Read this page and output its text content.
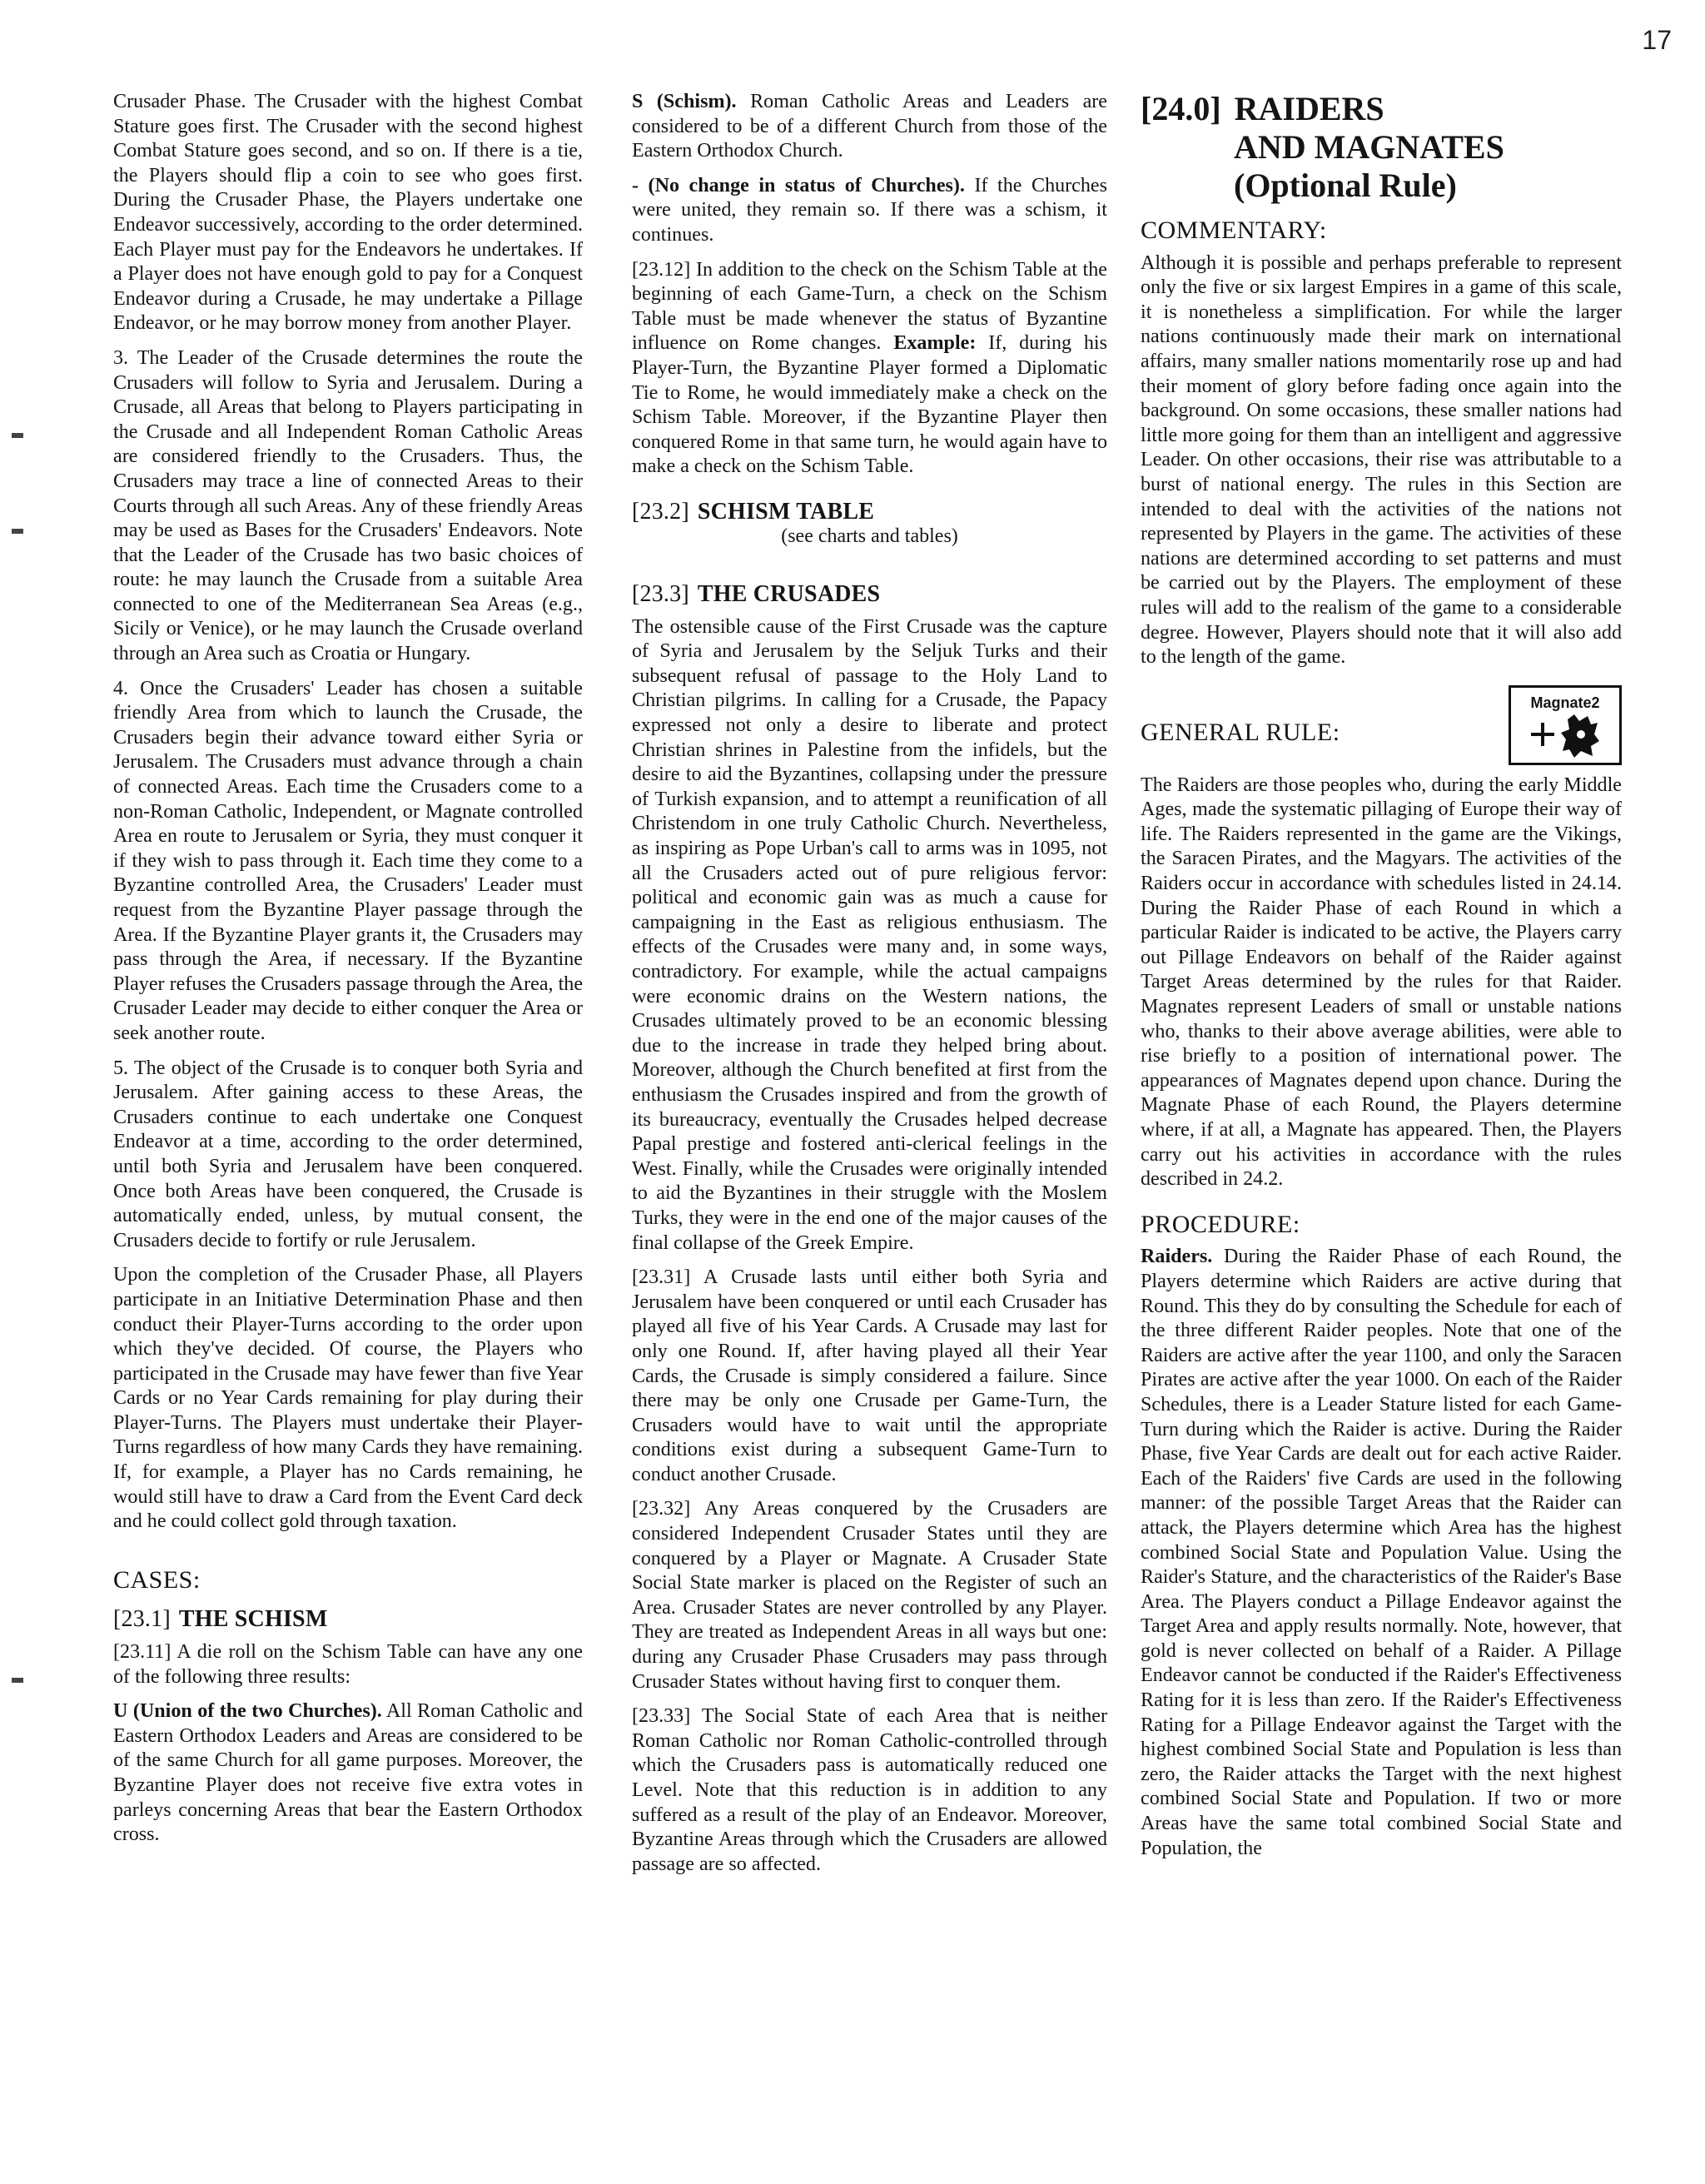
17

Crusader Phase. The Crusader with the highest Combat Stature goes first. The Crusader with the second highest Combat Stature goes second, and so on. If there is a tie, the Players should flip a coin to see who goes first. During the Crusader Phase, the Players undertake one Endeavor successively, according to the order determined. Each Player must pay for the Endeavors he undertakes. If a Player does not have enough gold to pay for a Conquest Endeavor during a Crusade, he may undertake a Pillage Endeavor, or he may borrow money from another Player.

3. The Leader of the Crusade determines the route the Crusaders will follow to Syria and Jerusalem. During a Crusade, all Areas that belong to Players participating in the Crusade and all Independent Roman Catholic Areas are considered friendly to the Crusaders. Thus, the Crusaders may trace a line of connected Areas to their Courts through all such Areas. Any of these friendly Areas may be used as Bases for the Crusaders' Endeavors. Note that the Leader of the Crusade has two basic choices of route: he may launch the Crusade from a suitable Area connected to one of the Mediterranean Sea Areas (e.g., Sicily or Venice), or he may launch the Crusade overland through an Area such as Croatia or Hungary.

4. Once the Crusaders' Leader has chosen a suitable friendly Area from which to launch the Crusade, the Crusaders begin their advance toward either Syria or Jerusalem. The Crusaders must advance through a chain of connected Areas. Each time the Crusaders come to a non-Roman Catholic, Independent, or Magnate controlled Area en route to Jerusalem or Syria, they must conquer it if they wish to pass through it. Each time they come to a Byzantine controlled Area, the Crusaders' Leader must request from the Byzantine Player passage through the Area. If the Byzantine Player grants it, the Crusaders may pass through the Area, if necessary. If the Byzantine Player refuses the Crusaders passage through the Area, the Crusader Leader may decide to either conquer the Area or seek another route.

5. The object of the Crusade is to conquer both Syria and Jerusalem. After gaining access to these Areas, the Crusaders continue to each undertake one Conquest Endeavor at a time, according to the order determined, until both Syria and Jerusalem have been conquered. Once both Areas have been conquered, the Crusade is automatically ended, unless, by mutual consent, the Crusaders decide to fortify or rule Jerusalem.

Upon the completion of the Crusader Phase, all Players participate in an Initiative Determination Phase and then conduct their Player-Turns according to the order upon which they've decided. Of course, the Players who participated in the Crusade may have fewer than five Year Cards or no Year Cards remaining for play during their Player-Turns. The Players must undertake their Player-Turns regardless of how many Cards they have remaining. If, for example, a Player has no Cards remaining, he would still have to draw a Card from the Event Card deck and he could collect gold through taxation.

CASES:
[23.1] THE SCHISM

[23.11] A die roll on the Schism Table can have any one of the following three results:

U (Union of the two Churches). All Roman Catholic and Eastern Orthodox Leaders and Areas are considered to be of the same Church for all game purposes. Moreover, the Byzantine Player does not receive five extra votes in parleys concerning Areas that bear the Eastern Orthodox cross.

S (Schism). Roman Catholic Areas and Leaders are considered to be of a different Church from those of the Eastern Orthodox Church.

- (No change in status of Churches). If the Churches were united, they remain so. If there was a schism, it continues.

[23.12] In addition to the check on the Schism Table at the beginning of each Game-Turn, a check on the Schism Table must be made whenever the status of Byzantine influence on Rome changes. Example: If, during his Player-Turn, the Byzantine Player formed a Diplomatic Tie to Rome, he would immediately make a check on the Schism Table. Moreover, if the Byzantine Player then conquered Rome in that same turn, he would again have to make a check on the Schism Table.

[23.2] SCHISM TABLE
(see charts and tables)
[23.3] THE CRUSADES

The ostensible cause of the First Crusade was the capture of Syria and Jerusalem by the Seljuk Turks and their subsequent refusal of passage to the Holy Land to Christian pilgrims. In calling for a Crusade, the Papacy expressed not only a desire to liberate and protect Christian shrines in Palestine from the infidels, but the desire to aid the Byzantines, collapsing under the pressure of Turkish expansion, and to attempt a reunification of all Christendom in one truly Catholic Church. Nevertheless, as inspiring as Pope Urban's call to arms was in 1095, not all the Crusaders acted out of pure religious fervor: political and economic gain was as much a cause for campaigning in the East as religious enthusiasm. The effects of the Crusades were many and, in some ways, contradictory. For example, while the actual campaigns were economic drains on the Western nations, the Crusades ultimately proved to be an economic blessing due to the increase in trade they helped bring about. Moreover, although the Church benefited at first from the enthusiasm the Crusades inspired and from the growth of its bureaucracy, eventually the Crusades helped decrease Papal prestige and fostered anti-clerical feelings in the West. Finally, while the Crusades were originally intended to aid the Byzantines in their struggle with the Moslem Turks, they were in the end one of the major causes of the final collapse of the Greek Empire.

[23.31] A Crusade lasts until either both Syria and Jerusalem have been conquered or until each Crusader has played all five of his Year Cards. A Crusade may last for only one Round. If, after having played all their Year Cards, the Crusade is simply considered a failure. Since there may be only one Crusade per Game-Turn, the Crusaders would have to wait until the appropriate conditions exist during a subsequent Game-Turn to conduct another Crusade.

[23.32] Any Areas conquered by the Crusaders are considered Independent Crusader States until they are conquered by a Player or Magnate. A Crusader State Social State marker is placed on the Register of such an Area. Crusader States are never controlled by any Player. They are treated as Independent Areas in all ways but one: during any Crusader Phase Crusaders may pass through Crusader States without having first to conquer them.

[23.33] The Social State of each Area that is neither Roman Catholic nor Roman Catholic-controlled through which the Crusaders pass is automatically reduced one Level. Note that this reduction is in addition to any suffered as a result of the play of an Endeavor. Moreover, Byzantine Areas through which the Crusaders are allowed passage are so affected.

[24.0] RAIDERS
AND MAGNATES
(Optional Rule)
COMMENTARY:

Although it is possible and perhaps preferable to represent only the five or six largest Empires in a game of this scale, it is nonetheless a simplification. For while the larger nations continuously made their mark on international affairs, many smaller nations momentarily rose up and had their moment of glory before fading once again into the background. On some occasions, these smaller nations had little more going for them than an intelligent and aggressive Leader. On other occasions, their rise was attributable to a burst of national energy. The rules in this Section are intended to deal with the activities of the nations not represented by Players in the game. The activities of these nations are determined according to set patterns and must be carried out by the Players. The employment of these rules will add to the realism of the game to a considerable degree. However, Players should note that it will also add to the length of the game.

Magnate2
GENERAL RULE:

The Raiders are those peoples who, during the early Middle Ages, made the systematic pillaging of Europe their way of life. The Raiders represented in the game are the Vikings, the Saracen Pirates, and the Magyars. The activities of the Raiders occur in accordance with schedules listed in 24.14. During the Raider Phase of each Round in which a particular Raider is indicated to be active, the Players carry out Pillage Endeavors on behalf of the Raider against Target Areas determined by the rules for that Raider. Magnates represent Leaders of small or unstable nations who, thanks to their above average abilities, were able to rise briefly to a position of international power. The appearances of Magnates depend upon chance. During the Magnate Phase of each Round, the Players determine where, if at all, a Magnate has appeared. Then, the Players carry out his activities in accordance with the rules described in 24.2.

PROCEDURE:

Raiders. During the Raider Phase of each Round, the Players determine which Raiders are active during that Round. This they do by consulting the Schedule for each of the three different Raider peoples. Note that one of the Raiders are active after the year 1100, and only the Saracen Pirates are active after the year 1000. On each of the Raider Schedules, there is a Leader Stature listed for each Game-Turn during which the Raider is active. During the Raider Phase, five Year Cards are dealt out for each active Raider. Each of the Raiders' five Cards are used in the following manner: of the possible Target Areas that the Raider can attack, the Players determine which Area has the highest combined Social State and Population Value. Using the Raider's Stature, and the characteristics of the Raider's Base Area. The Players conduct a Pillage Endeavor against the Target Area and apply results normally. Note, however, that gold is never collected on behalf of a Raider. A Pillage Endeavor cannot be conducted if the Raider's Effectiveness Rating for it is less than zero. If the Raider's Effectiveness Rating for a Pillage Endeavor against the Target with the highest combined Social State and Population is less than zero, the Raider attacks the Target with the next highest combined Social State and Population. If two or more Areas have the same total combined Social State and Population, the
